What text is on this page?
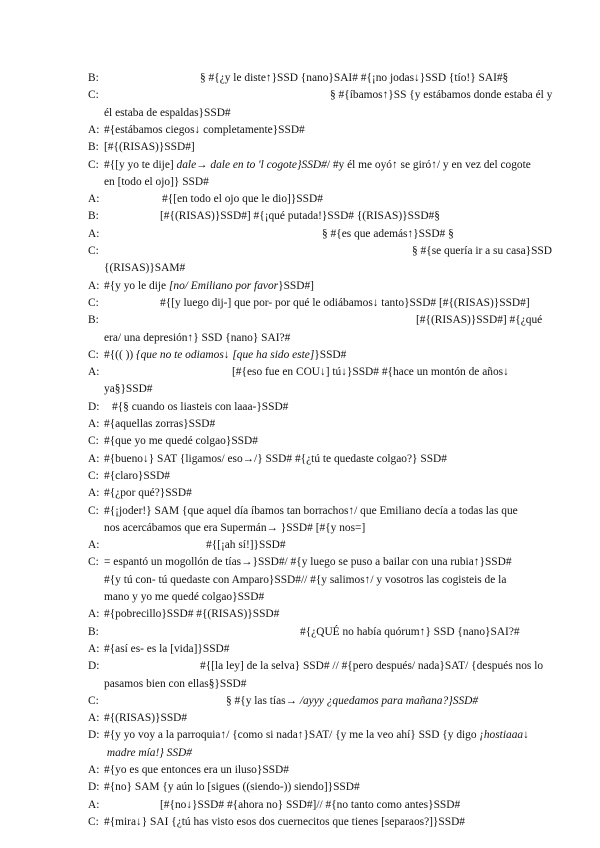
B:	§ #{¿y le diste↑}SSD {nano}SAI# #{¡no jodas↓}SSD {tío!} SAI#§
C:	§ #{íbamos↑}SS {y estábamos donde estaba él y
él estaba de espaldas}SSD#
A: #{estábamos ciegos↓ completamente}SSD#
B: [#{(RISAS)}SSD#]
C: #{[y yo te dije] dale→ dale en to 'l cogote}SSD#/ #y él me oyó↑ se giró↑/ y en vez del cogote
en [todo el ojo]} SSD#
A:	#{[en todo el ojo que le dio]}SSD#
B:	[#{(RISAS)}SSD#] #{¡qué putada!}SSD# {(RISAS)}SSD#§
A:	§ #{es que además↑}SSD# §
C:	§ #{se quería ir a su casa}SSD
{(RISAS)}SAM#
A: #{y yo le dije [no/ Emiliano por favor}SSD#]
C:	#{[y luego dij-] que por- por qué le odiábamos↓ tanto}SSD# [#{(RISAS)}SSD#]
B:	[#{(RISAS)}SSD#] #{¿qué
era/ una depresión↑} SSD {nano} SAI?#
C: #{(( )) {que no te odiamos↓ [que ha sido este]}SSD#
A:	[#{eso fue en COU↓] tú↓}SSD# #{hace un montón de años↓
ya§}SSD#
D: #{§ cuando os liasteis con laaa-}SSD#
A: #{aquellas zorras}SSD#
C: #{que yo me quedé colgao}SSD#
A: #{bueno↓} SAT {ligamos/ eso→/} SSD# #{¿tú te quedaste colgao?} SSD#
C: #{claro}SSD#
A: #{¿por qué?}SSD#
C: #{¡joder!} SAM {que aquel día íbamos tan borrachos↑/ que Emiliano decía a todas las que
nos acercábamos que era Supermán→ }SSD# [#{y nos=]
A:	#{[¡ah sí!]}SSD#
C: = espantó un mogollón de tías→}SSD#/ #{y luego se puso a bailar con una rubia↑}SSD#
#{y tú con- tú quedaste con Amparo}SSD#// #{y salimos↑/ y vosotros las cogisteis de la
mano y yo me quedé colgao}SSD#
A: #{pobrecillo}SSD# #{(RISAS)}SSD#
B:	#{¿QUÉ no había quórum↑} SSD {nano}SAI?#
A: #{así es- es la [vida]}SSD#
D:	#{[la ley] de la selva} SSD# // #{pero después/ nada}SAT/ {después nos lo
pasamos bien con ellas§}SSD#
C:	§ #{y las tías→ /ayyy ¿quedamos para mañana?}SSD#
A: #{(RISAS)}SSD#
D: #{y yo voy a la parroquia↑/ {como si nada↑}SAT/ {y me la veo ahí} SSD {y digo ¡hostiaaa↓
madre mía!} SSD#
A: #{yo es que entonces era un iluso}SSD#
D: #{no} SAM {y aún lo [sigues ((siendo-)) siendo]}SSD#
A:	[#{no↓}SSD# #{ahora no} SSD#]// #{no tanto como antes}SSD#
C: #{mira↓} SAI {¿tú has visto esos dos cuernecitos que tienes [separaos?]}SSD#
